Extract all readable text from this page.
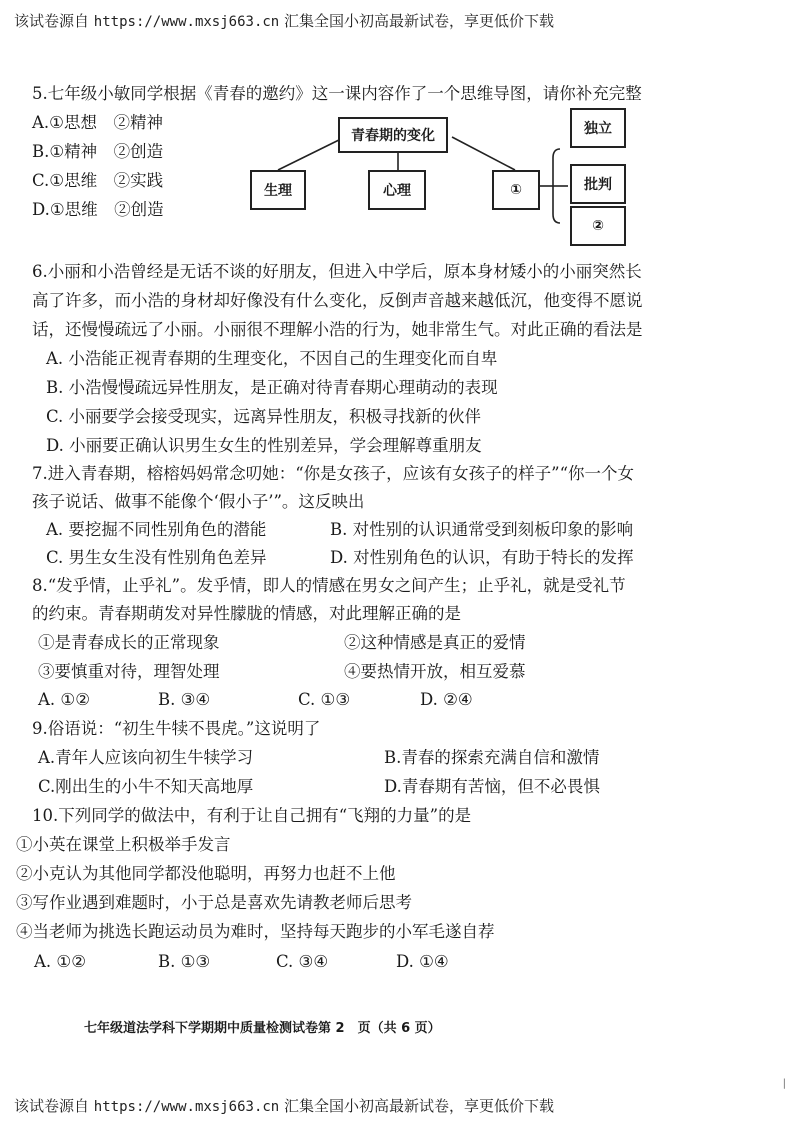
该试卷源自 https://www.mxsj663.cn 汇集全国小初高最新试卷，享更低价下载
5.七年级小敏同学根据《青春的邀约》这一课内容作了一个思维导图，请你补充完整
A.①思想　②精神
B.①精神　②创造
C.①思维　②实践
D.①思维　②创造
青春期的变化
生理	心理	①
独立
批判
②
6.小丽和小浩曾经是无话不谈的好朋友，但进入中学后，原本身材矮小的小丽突然长
高了许多，而小浩的身材却好像没有什么变化，反倒声音越来越低沉，他变得不愿说
话，还慢慢疏远了小丽。小丽很不理解小浩的行为，她非常生气。对此正确的看法是
A. 小浩能正视青春期的生理变化，不因自己的生理变化而自卑
B. 小浩慢慢疏远异性朋友，是正确对待青春期心理萌动的表现
C. 小丽要学会接受现实，远离异性朋友，积极寻找新的伙伴
D. 小丽要正确认识男生女生的性别差异，学会理解尊重朋友
7.进入青春期，榕榕妈妈常念叨她：“你是女孩子，应该有女孩子的样子”“你一个女
孩子说话、做事不能像个‘假小子’”。这反映出
A. 要挖掘不同性别角色的潜能	B. 对性别的认识通常受到刻板印象的影响
C. 男生女生没有性别角色差异	D. 对性别角色的认识，有助于特长的发挥
8.“发乎情，止乎礼”。发乎情，即人的情感在男女之间产生；止乎礼，就是受礼节
的约束。青春期萌发对异性朦胧的情感，对此理解正确的是
①是青春成长的正常现象	②这种情感是真正的爱情
③要慎重对待，理智处理	④要热情开放，相互爱慕
A. ①②	B. ③④	C. ①③	D. ②④
9.俗语说：“初生牛犊不畏虎。”这说明了
A.青年人应该向初生牛犊学习	B.青春的探索充满自信和激情
C.刚出生的小牛不知天高地厚	D.青春期有苦恼，但不必畏惧
10.下列同学的做法中，有利于让自己拥有“飞翔的力量”的是
①小英在课堂上积极举手发言
②小克认为其他同学都没他聪明，再努力也赶不上他
③写作业遇到难题时，小于总是喜欢先请教老师后思考
④当老师为挑选长跑运动员为难时，坚持每天跑步的小军毛遂自荐
A. ①②	B. ①③	C. ③④	D. ①④
七年级道法学科下学期期中质量检测试卷第 2　页（共 6 页）
|
该试卷源自 https://www.mxsj663.cn 汇集全国小初高最新试卷，享更低价下载
